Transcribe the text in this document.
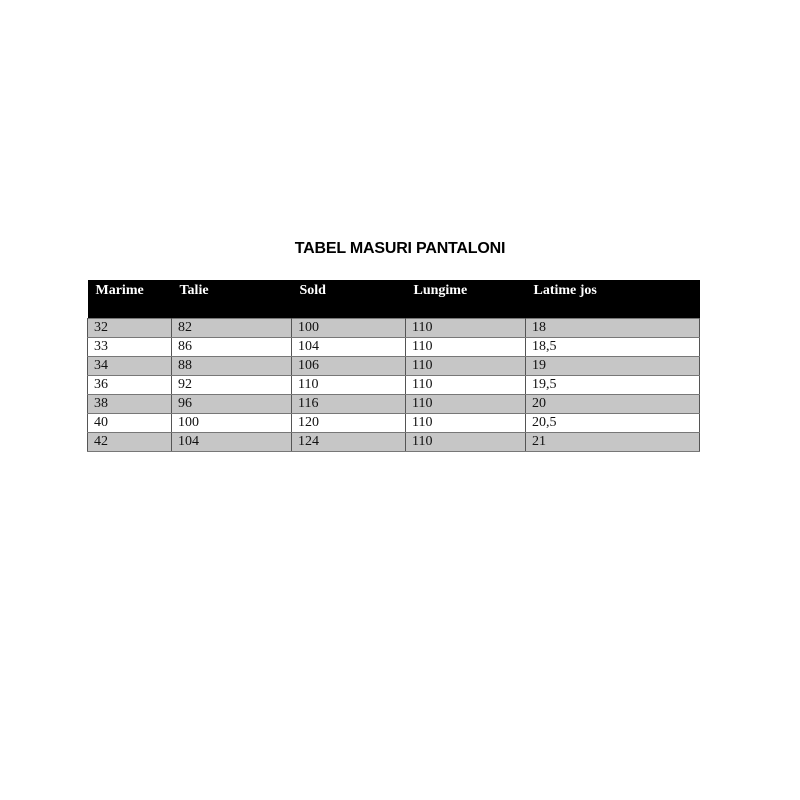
TABEL MASURI PANTALONI
Marime	Talie	Sold	Lungime	Latime jos
32	82	100	110	18
33	86	104	110	18,5
34	88	106	110	19
36	92	110	110	19,5
38	96	116	110	20
40	100	120	110	20,5
42	104	124	110	21
